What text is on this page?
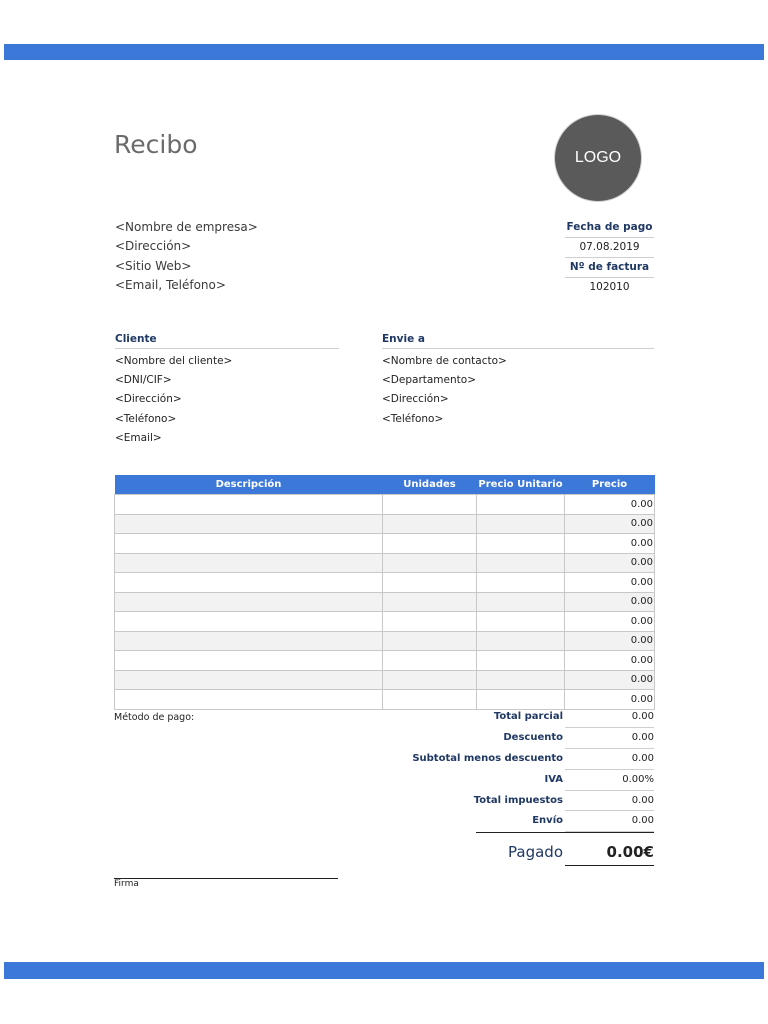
Recibo	LOGO
<Nombre de empresa>
<Dirección>
<Sitio Web>
<Email, Teléfono>
Fecha de pago
07.08.2019
Nº de factura
102010
Cliente
<Nombre del cliente>
<DNI/CIF>
<Dirección>
<Teléfono>
<Email>
Envie a
<Nombre de contacto>
<Departamento>
<Dirección>
<Teléfono>
Descripción	Unidades	Precio Unitario	Precio
			0.00
			0.00
			0.00
			0.00
			0.00
			0.00
			0.00
			0.00
			0.00
			0.00
			0.00
Método de pago:	Total parcial	0.00
Descuento	0.00
Subtotal menos descuento	0.00
IVA	0.00%
Total impuestos	0.00
Envío	0.00
Pagado	0.00€
Firma
